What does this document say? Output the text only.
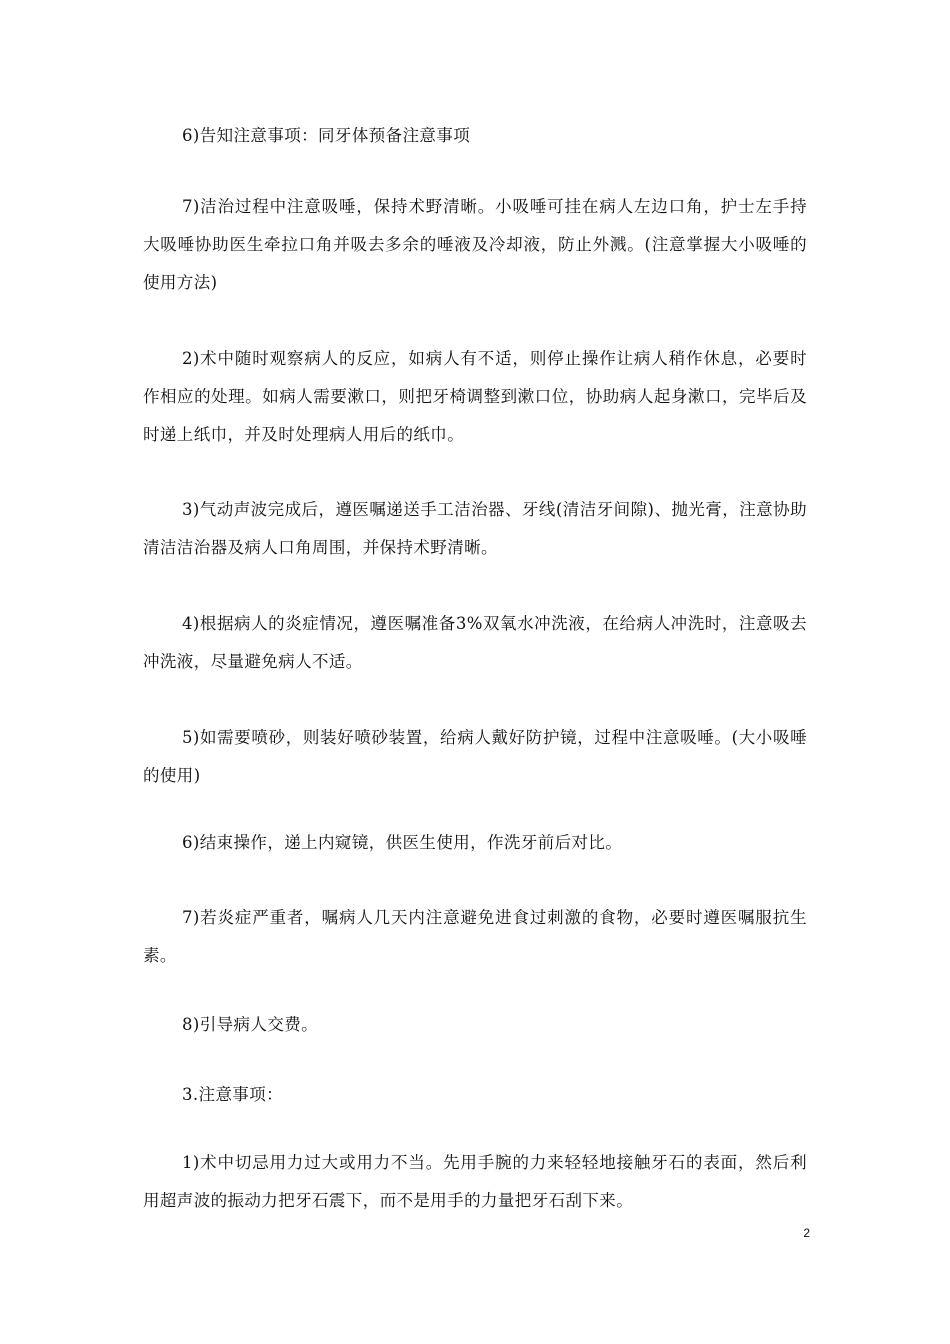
6)告知注意事项：同牙体预备注意事项

7)洁治过程中注意吸唾，保持术野清晰。小吸唾可挂在病人左边口角，护士左手持大吸唾协助医生牵拉口角并吸去多余的唾液及冷却液，防止外溅。(注意掌握大小吸唾的使用方法)

2)术中随时观察病人的反应，如病人有不适，则停止操作让病人稍作休息，必要时作相应的处理。如病人需要漱口，则把牙椅调整到漱口位，协助病人起身漱口，完毕后及时递上纸巾，并及时处理病人用后的纸巾。

3)气动声波完成后，遵医嘱递送手工洁治器、牙线(清洁牙间隙)、抛光膏，注意协助清洁洁治器及病人口角周围，并保持术野清晰。

4)根据病人的炎症情况，遵医嘱准备3%双氧水冲洗液，在给病人冲洗时，注意吸去冲洗液，尽量避免病人不适。

5)如需要喷砂，则装好喷砂装置，给病人戴好防护镜，过程中注意吸唾。(大小吸唾的使用)

6)结束操作，递上内窥镜，供医生使用，作洗牙前后对比。

7)若炎症严重者，嘱病人几天内注意避免进食过刺激的食物，必要时遵医嘱服抗生素。

8)引导病人交费。

3.注意事项：

1)术中切忌用力过大或用力不当。先用手腕的力来轻轻地接触牙石的表面，然后利用超声波的振动力把牙石震下，而不是用手的力量把牙石刮下来。

2
